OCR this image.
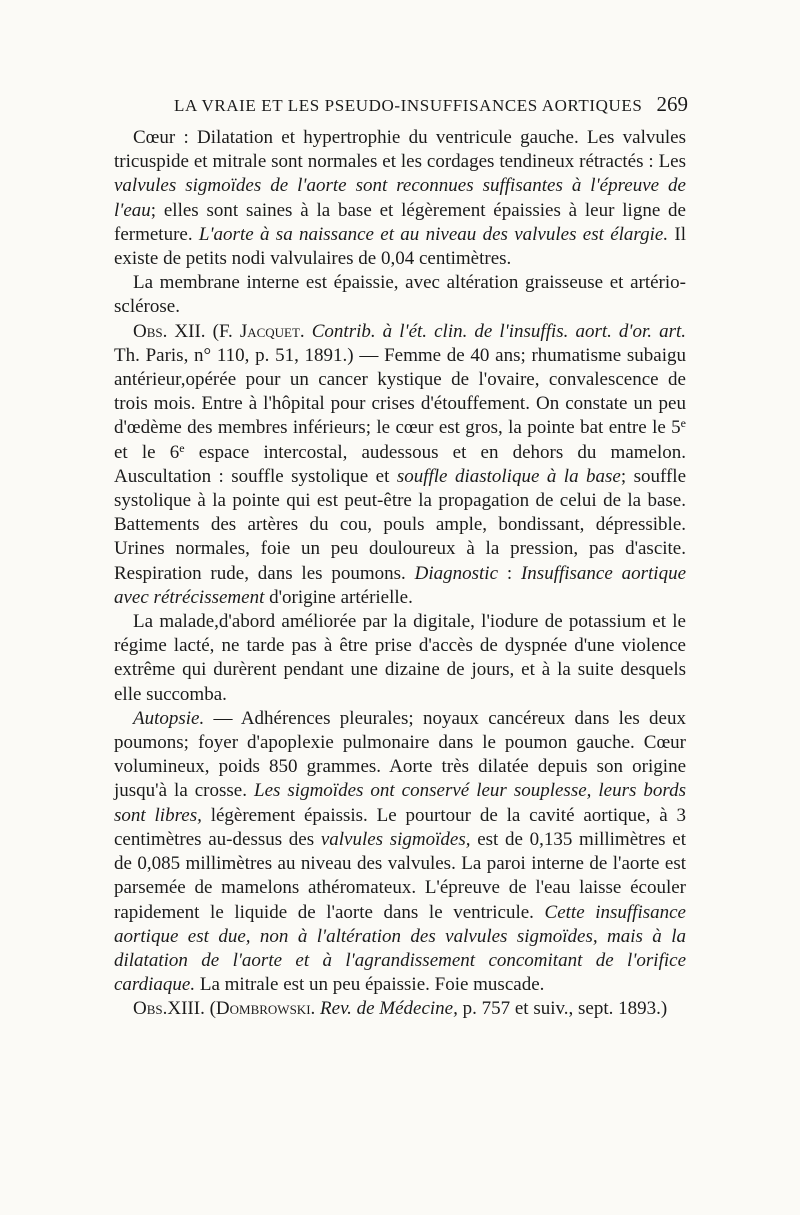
LA VRAIE ET LES PSEUDO-INSUFFISANCES AORTIQUES 269

Cœur : Dilatation et hypertrophie du ventricule gauche. Les valvules tricuspide et mitrale sont normales et les cordages tendineux rétractés : Les valvules sigmoïdes de l'aorte sont reconnues suffisantes à l'épreuve de l'eau; elles sont saines à la base et légèrement épaissies à leur ligne de fermeture. L'aorte à sa naissance et au niveau des valvules est élargie. Il existe de petits nodi valvulaires de 0,04 centimètres.

La membrane interne est épaissie, avec altération graisseuse et artério-sclérose.

Obs. XII. (F. Jacquet. Contrib. à l'ét. clin. de l'insuffis. aort. d'or. art. Th. Paris, n° 110, p. 51, 1891.) — Femme de 40 ans; rhumatisme subaigu antérieur,opérée pour un cancer kystique de l'ovaire, convalescence de trois mois. Entre à l'hôpital pour crises d'étouffement. On constate un peu d'œdème des membres inférieurs; le cœur est gros, la pointe bat entre le 5e et le 6e espace intercostal, audessous et en dehors du mamelon. Auscultation : souffle systolique et souffle diastolique à la base; souffle systolique à la pointe qui est peut-être la propagation de celui de la base. Battements des artères du cou, pouls ample, bondissant, dépressible. Urines normales, foie un peu douloureux à la pression, pas d'ascite. Respiration rude, dans les poumons. Diagnostic : Insuffisance aortique avec rétrécissement d'origine artérielle.

La malade,d'abord améliorée par la digitale, l'iodure de potassium et le régime lacté, ne tarde pas à être prise d'accès de dyspnée d'une violence extrême qui durèrent pendant une dizaine de jours, et à la suite desquels elle succomba.

Autopsie. — Adhérences pleurales; noyaux cancéreux dans les deux poumons; foyer d'apoplexie pulmonaire dans le poumon gauche. Cœur volumineux, poids 850 grammes. Aorte très dilatée depuis son origine jusqu'à la crosse. Les sigmoïdes ont conservé leur souplesse, leurs bords sont libres, légèrement épaissis. Le pourtour de la cavité aortique, à 3 centimètres au-dessus des valvules sigmoïdes, est de 0,135 millimètres et de 0,085 millimètres au niveau des valvules. La paroi interne de l'aorte est parsemée de mamelons athéromateux. L'épreuve de l'eau laisse écouler rapidement le liquide de l'aorte dans le ventricule. Cette insuffisance aortique est due, non à l'altération des valvules sigmoïdes, mais à la dilatation de l'aorte et à l'agrandissement concomitant de l'orifice cardiaque. La mitrale est un peu épaissie. Foie muscade.

Obs.XIII. (Dombrowski. Rev. de Médecine, p. 757 et suiv., sept. 1893.)
